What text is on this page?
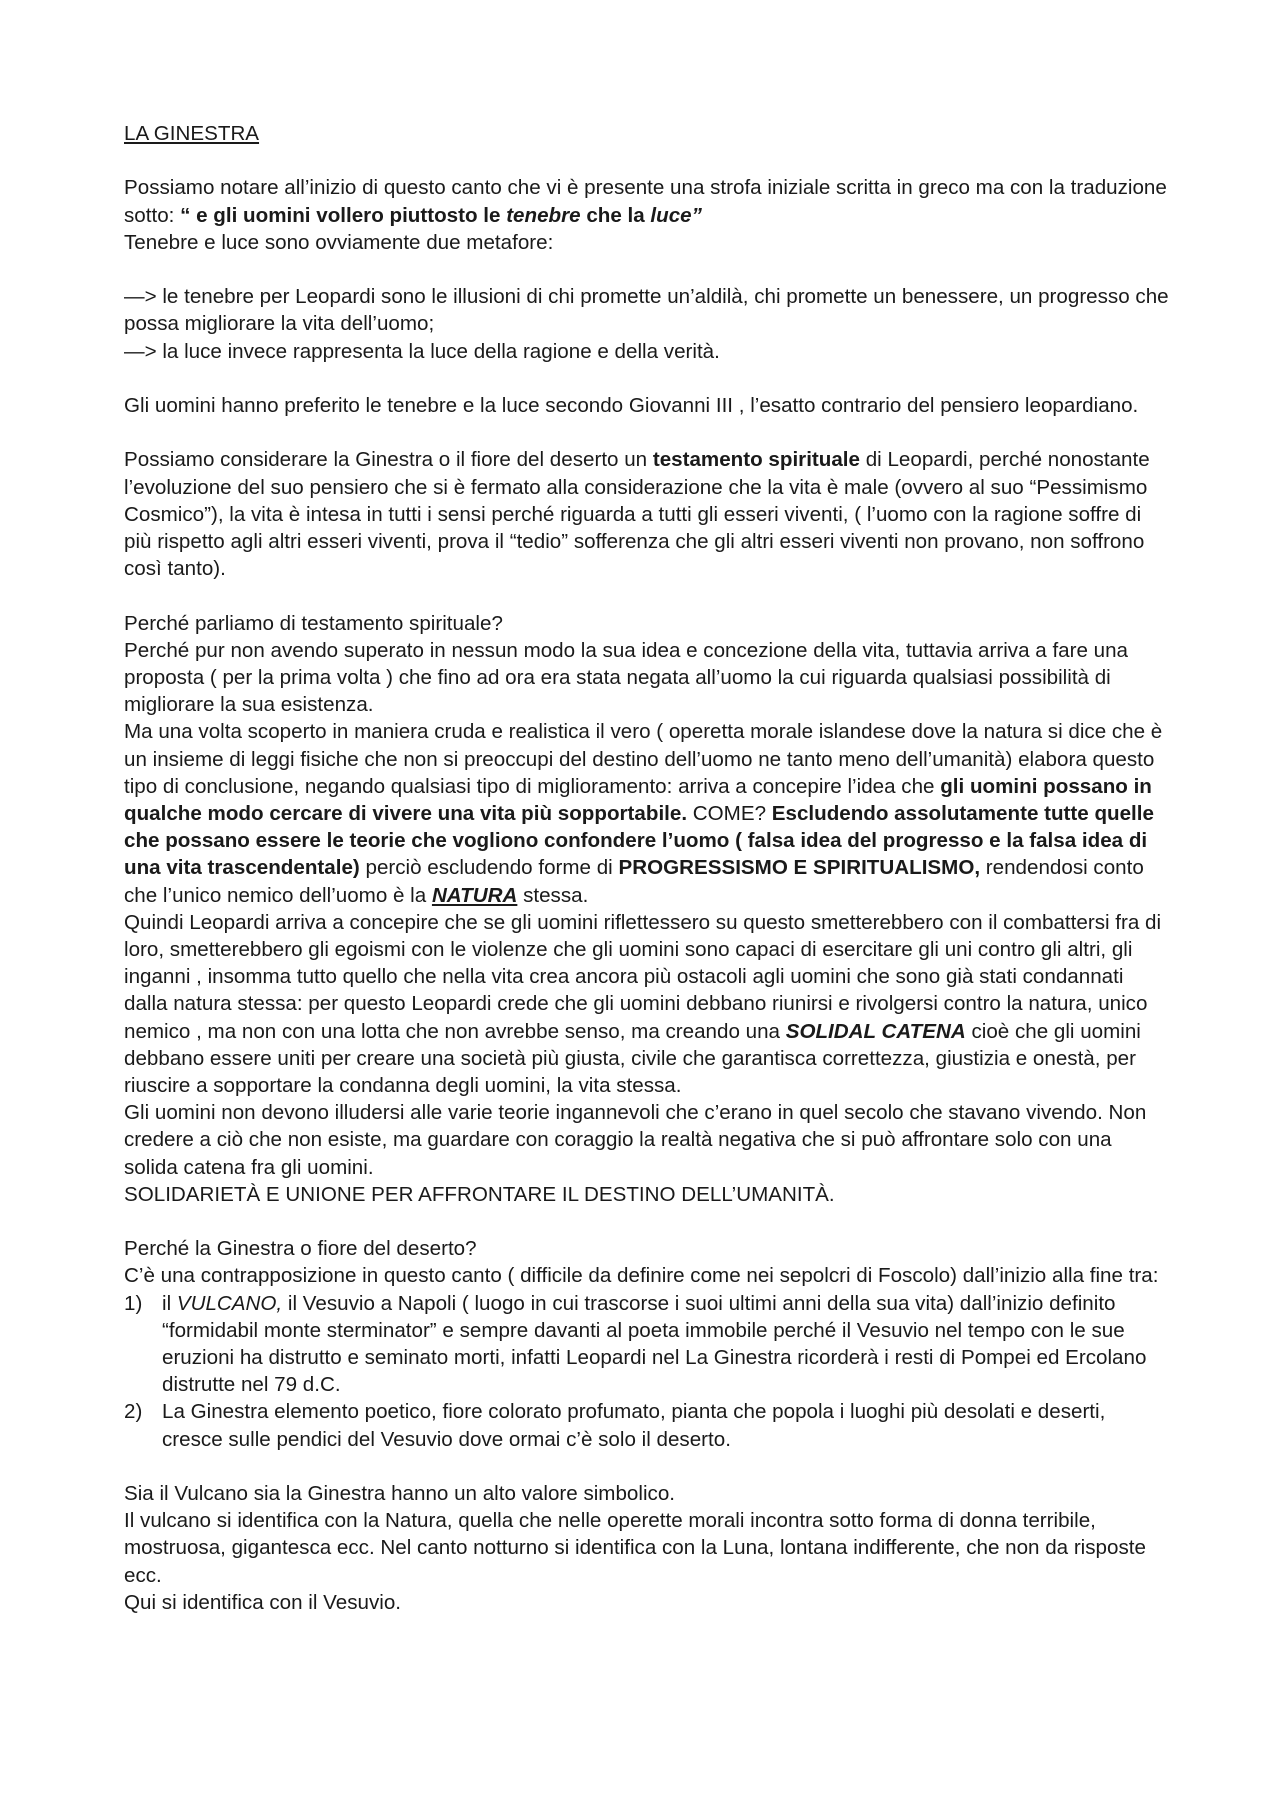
LA GINESTRA

Possiamo notare all’inizio di questo canto che vi è presente una strofa iniziale scritta in greco ma con la traduzione sotto: “ e gli uomini vollero piuttosto le tenebre che la luce”
Tenebre e luce sono ovviamente due metafore:

—> le tenebre per Leopardi sono le illusioni di chi promette un’aldilà, chi promette un benessere, un progresso che possa migliorare la vita dell’uomo;
—> la luce invece rappresenta la luce della ragione e della verità.

Gli uomini hanno preferito le tenebre e la luce secondo Giovanni III , l’esatto contrario del pensiero leopardiano.

Possiamo considerare la Ginestra o il fiore del deserto un testamento spirituale di Leopardi, perché nonostante l’evoluzione del suo pensiero che si è fermato alla considerazione che la vita è male (ovvero al suo “Pessimismo Cosmico”), la vita è intesa in tutti i sensi perché riguarda a tutti gli esseri viventi, ( l’uomo con la ragione soffre di più rispetto agli altri esseri viventi, prova il “tedio” sofferenza che gli altri esseri viventi non provano, non soffrono così tanto).

Perché parliamo di testamento spirituale?
Perché pur non avendo superato in nessun modo la sua idea e concezione della vita, tuttavia arriva a fare una proposta ( per la prima volta ) che fino ad ora era stata negata all’uomo la cui riguarda qualsiasi possibilità di migliorare la sua esistenza.
Ma una volta scoperto in maniera cruda e realistica il vero ( operetta morale islandese dove la natura si dice che è un insieme di leggi fisiche che non si preoccupi del destino dell’uomo ne tanto meno dell’umanità) elabora questo tipo di conclusione, negando qualsiasi tipo di miglioramento: arriva a concepire l’idea che gli uomini possano in qualche modo cercare di vivere una vita più sopportabile. COME? Escludendo assolutamente tutte quelle che possano essere le teorie che vogliono confondere l’uomo ( falsa idea del progresso e la falsa idea di una vita trascendentale) perciò escludendo forme di PROGRESSISMO E SPIRITUALISMO, rendendosi conto che l’unico nemico dell’uomo è la NATURA stessa.
Quindi Leopardi arriva a concepire che se gli uomini riflettessero su questo smetterebbero con il combattersi fra di loro, smetterebbero gli egoismi con le violenze che gli uomini sono capaci di esercitare gli uni contro gli altri, gli inganni , insomma tutto quello che nella vita crea ancora più ostacoli agli uomini che sono già stati condannati dalla natura stessa: per questo Leopardi crede che gli uomini debbano riunirsi e rivolgersi contro la natura, unico nemico , ma non con una lotta che non avrebbe senso, ma creando una SOLIDAL CATENA cioè che gli uomini debbano essere uniti per creare una società più giusta, civile che garantisca correttezza, giustizia e onestà, per riuscire a sopportare la condanna degli uomini, la vita stessa.
Gli uomini non devono illudersi alle varie teorie ingannevoli che c’erano in quel secolo che stavano vivendo. Non credere a ciò che non esiste, ma guardare con coraggio la realtà negativa che si può affrontare solo con una solida catena fra gli uomini.
SOLIDARIETÀ E UNIONE PER AFFRONTARE IL DESTINO DELL’UMANITÀ.

Perché la Ginestra o fiore del deserto?
C’è una contrapposizione in questo canto ( difficile da definire come nei sepolcri di Foscolo) dall’inizio alla fine tra:

1) il VULCANO, il Vesuvio a Napoli ( luogo in cui trascorse i suoi ultimi anni della sua vita) dall’inizio definito “formidabil monte sterminator” e sempre davanti al poeta immobile perché il Vesuvio nel tempo con le sue eruzioni ha distrutto e seminato morti, infatti Leopardi nel La Ginestra ricorderà i resti di Pompei ed Ercolano distrutte nel 79 d.C.
2) La Ginestra elemento poetico, fiore colorato profumato, pianta che popola i luoghi più desolati e deserti, cresce sulle pendici del Vesuvio dove ormai c’è solo il deserto.

Sia il Vulcano sia la Ginestra hanno un alto valore simbolico.
Il vulcano si identifica con la Natura, quella che nelle operette morali incontra sotto forma di donna terribile, mostruosa, gigantesca ecc. Nel canto notturno si identifica con la Luna, lontana indifferente, che non da risposte ecc.
Qui si identifica con il Vesuvio.
